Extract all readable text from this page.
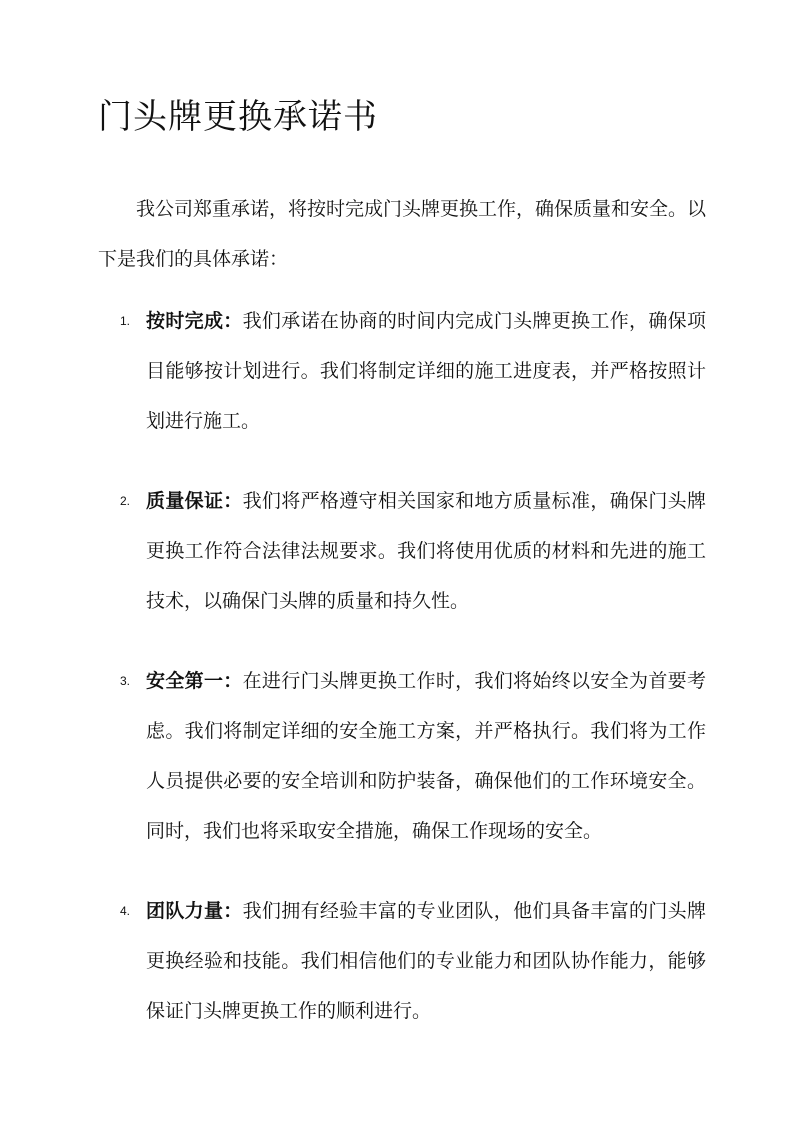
门头牌更换承诺书

我公司郑重承诺，将按时完成门头牌更换工作，确保质量和安全。以下是我们的具体承诺：

1. 按时完成：我们承诺在协商的时间内完成门头牌更换工作，确保项目能够按计划进行。我们将制定详细的施工进度表，并严格按照计划进行施工。
2. 质量保证：我们将严格遵守相关国家和地方质量标准，确保门头牌更换工作符合法律法规要求。我们将使用优质的材料和先进的施工技术，以确保门头牌的质量和持久性。
3. 安全第一：在进行门头牌更换工作时，我们将始终以安全为首要考虑。我们将制定详细的安全施工方案，并严格执行。我们将为工作人员提供必要的安全培训和防护装备，确保他们的工作环境安全。同时，我们也将采取安全措施，确保工作现场的安全。
4. 团队力量：我们拥有经验丰富的专业团队，他们具备丰富的门头牌更换经验和技能。我们相信他们的专业能力和团队协作能力，能够保证门头牌更换工作的顺利进行。
